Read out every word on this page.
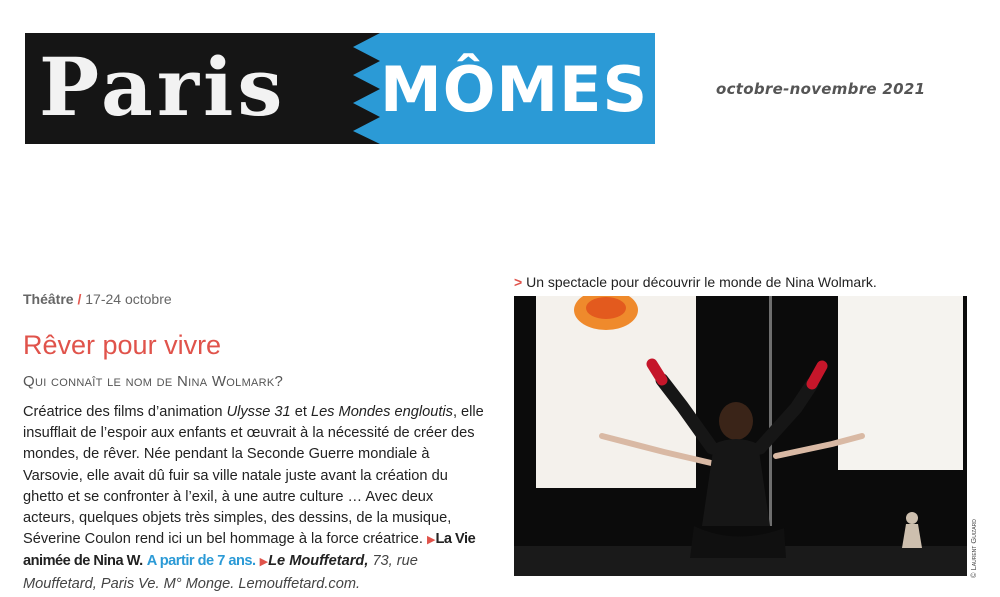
Paris MÔMES	octobre-novembre 2021
Théâtre / 17-24 octobre
Rêver pour vivre
Qui connaît le nom de Nina Wolmark?
Créatrice des films d’animation Ulysse 31 et Les Mondes engloutis, elle insufflait de l’espoir aux enfants et œuvrait à la nécessité de créer des mondes, de rêver. Née pendant la Seconde Guerre mondiale à Varsovie, elle avait dû fuir sa ville natale juste avant la création du ghetto et se confronter à l’exil, à une autre culture … Avec deux acteurs, quelques objets très simples, des dessins, de la musique, Séverine Coulon rend ici un bel hommage à la force créatrice. ▶La Vie animée de Nina W. A partir de 7 ans. ▶Le Mouffetard, 73, rue Mouffetard, Paris Ve. M° Monge. Lemouffetard.com.
> Un spectacle pour découvrir le monde de Nina Wolmark.
© Laurent Guizard
